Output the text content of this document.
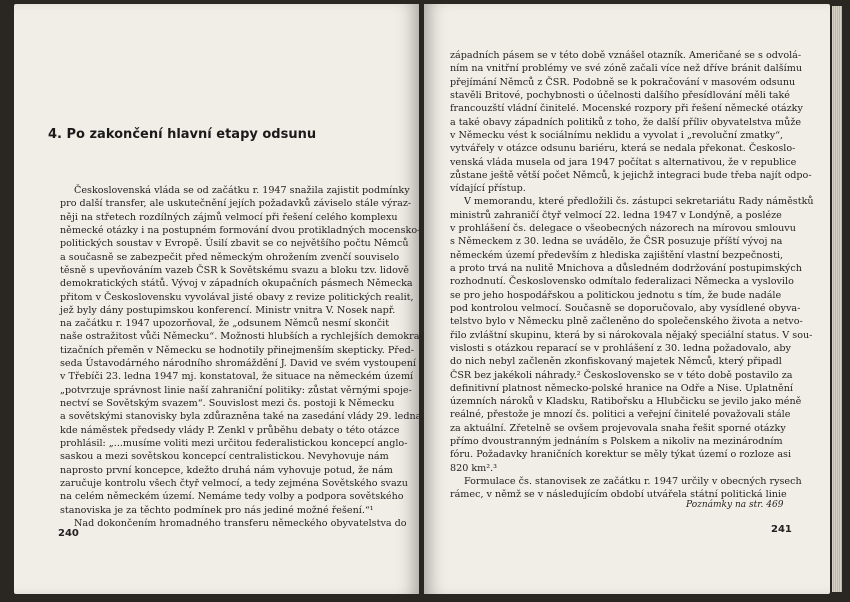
4. Po zakončení hlavní etapy odsunu
Československá vláda se od začátku r. 1947 snažila zajistit podmínky
pro další transfer, ale uskutečnění jejích požadavků záviselo stále výraz-
něji na střetech rozdílných zájmů velmocí při řešení celého komplexu
německé otázky i na postupném formování dvou protikladných mocensko-
politických soustav v Evropě. Úsilí zbavit se co největšího počtu Němců
a současně se zabezpečit před německým ohrožením zvenčí souviselo
těsně s upevňováním vazeb ČSR k Sovětskému svazu a bloku tzv. lidově
demokratických států. Vývoj v západních okupačních pásmech Německa
přitom v Československu vyvolával jisté obavy z revize politických realit,
jež byly dány postupimskou konferencí. Ministr vnitra V. Nosek např.
na začátku r. 1947 upozorňoval, že „odsunem Němců nesmí skončit
naše ostražitost vůči Německu“. Možnosti hlubších a rychlejších demokra-
tizačních přeměn v Německu se hodnotily přinejmenším skepticky. Před-
seda Ústavodárného národního shromáždění J. David ve svém vystoupení
v Třebíči 23. ledna 1947 mj. konstatoval, že situace na německém území
„potvrzuje správnost linie naší zahraniční politiky: zůstat věrnými spoje-
nectví se Sovětským svazem“. Souvislost mezi čs. postoji k Německu
a sovětskými stanovisky byla zdůrazněna také na zasedání vlády 29. ledna,
kde náměstek předsedy vlády P. Zenkl v průběhu debaty o této otázce
prohlásil: „...musíme voliti mezi určitou federalistickou koncepcí anglo-
saskou a mezi sovětskou koncepcí centralistickou. Nevyhovuje nám
naprosto první koncepce, kdežto druhá nám vyhovuje potud, že nám
zaručuje kontrolu všech čtyř velmocí, a tedy zejména Sovětského svazu
na celém německém území. Nemáme tedy volby a podpora sovětského
stanoviska je za těchto podmínek pro nás jediné možné řešení.“¹
Nad dokončením hromadného transferu německého obyvatelstva do
240
západních pásem se v této době vznášel otazník. Američané se s odvolá-
ním na vnitřní problémy ve své zóně začali více než dříve bránit dalšímu
přejímání Němců z ČSR. Podobně se k pokračování v masovém odsunu
stavěli Britové, pochybnosti o účelnosti dalšího přesídlování měli také
francouzští vládní činitelé. Mocenské rozpory při řešení německé otázky
a také obavy západních politiků z toho, že další příliv obyvatelstva může
v Německu vést k sociálnímu neklidu a vyvolat i „revoluční zmatky“,
vytvářely v otázce odsunu bariéru, která se nedala překonat. Českoslo-
venská vláda musela od jara 1947 počítat s alternativou, že v republice
zůstane ještě větší počet Němců, k jejichž integraci bude třeba najít odpo-
vídající přístup.
V memorandu, které předložili čs. zástupci sekretariátu Rady náměstků
ministrů zahraničí čtyř velmocí 22. ledna 1947 v Londýně, a posléze
v prohlášení čs. delegace o všeobecných názorech na mírovou smlouvu
s Německem z 30. ledna se uvádělo, že ČSR posuzuje příští vývoj na
německém území především z hlediska zajištění vlastní bezpečnosti,
a proto trvá na nulitě Mnichova a důsledném dodržování postupimských
rozhodnutí. Československo odmítalo federalizaci Německa a vyslovilo
se pro jeho hospodářskou a politickou jednotu s tím, že bude nadále
pod kontrolou velmocí. Současně se doporučovalo, aby vysídlené obyva-
telstvo bylo v Německu plně začleněno do společenského života a netvo-
řilo zvláštní skupinu, která by si nárokovala nějaký speciální status. V sou-
vislosti s otázkou reparací se v prohlášení z 30. ledna požadovalo, aby
do nich nebyl začleněn zkonfiskovaný majetek Němců, který připadl
ČSR bez jakékoli náhrady.² Československo se v této době postavilo za
definitivní platnost německo-polské hranice na Odře a Nise. Uplatnění
územních nároků v Kladsku, Ratibořsku a Hlubčicku se jevilo jako méně
reálné, přestože je mnozí čs. politici a veřejní činitelé považovali stále
za aktuální. Zřetelně se ovšem projevovala snaha řešit sporné otázky
přímo dvoustranným jednáním s Polskem a nikoliv na mezinárodním
fóru. Požadavky hraničních korektur se měly týkat území o rozloze asi
820 km².³
Formulace čs. stanovisek ze začátku r. 1947 určily v obecných rysech
rámec, v němž se v následujícím období utvářela státní politická linie
Poznámky na str. 469
241
